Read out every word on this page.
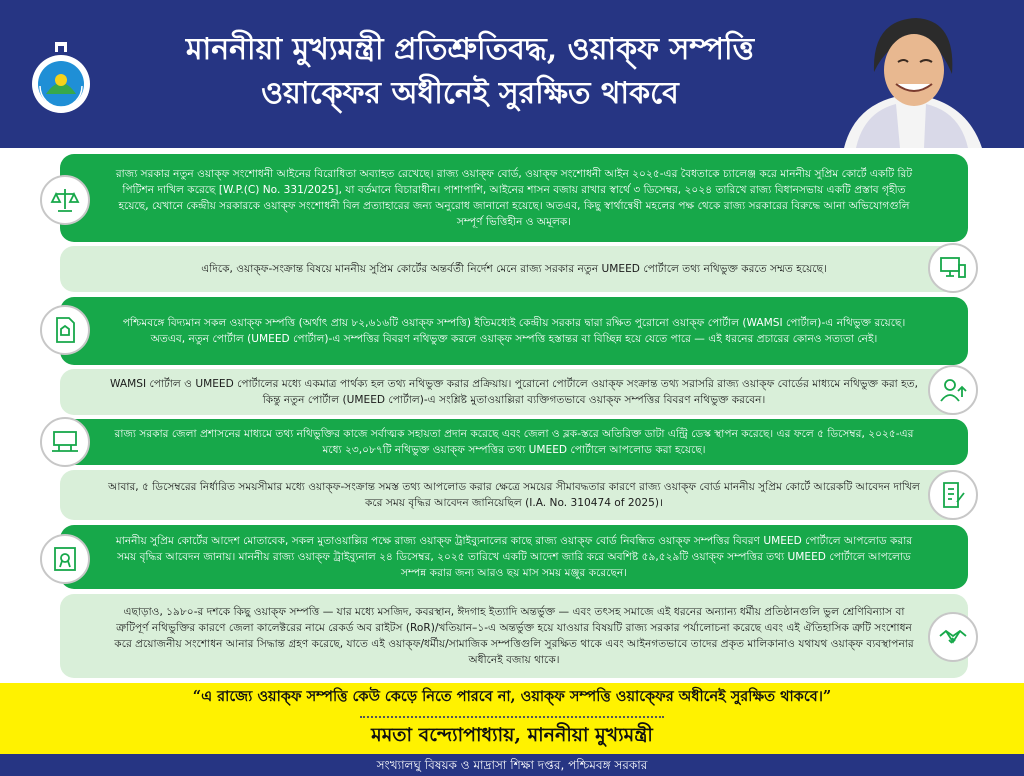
মাননীয়া মুখ্যমন্ত্রী প্রতিশ্রুতিবদ্ধ, ওয়াক্ফ সম্পত্তি
ওয়াক্ফের অধীনেই সুরক্ষিত থাকবে
রাজ্য সরকার নতুন ওয়াক্ফ সংশোধনী আইনের বিরোধিতা অব্যাহত রেখেছে। রাজ্য ওয়াক্ফ বোর্ড, ওয়াক্ফ সংশোধনী আইন ২০২৫-এর বৈধতাকে চ্যালেঞ্জ করে মাননীয় সুপ্রিম কোর্টে একটি রিট পিটিশন দাখিল করেছে [W.P.(C) No. 331/2025], যা বর্তমানে বিচারাধীন। পাশাপাশি, আইনের শাসন বজায় রাখার স্বার্থে ৩ ডিসেম্বর, ২০২৪ তারিখে রাজ্য বিধানসভায় একটি প্রস্তাব গৃহীত হয়েছে, যেখানে কেন্দ্রীয় সরকারকে ওয়াক্ফ সংশোধনী বিল প্রত্যাহারের জন্য অনুরোধ জানানো হয়েছে। অতএব, কিছু স্বার্থান্বেষী মহলের পক্ষ থেকে রাজ্য সরকারের বিরুদ্ধে আনা অভিযোগগুলি সম্পূর্ণ ভিত্তিহীন ও অমূলক।
এদিকে, ওয়াক্ফ-সংক্রান্ত বিষয়ে মাননীয় সুপ্রিম কোর্টের অন্তর্বর্তী নির্দেশ মেনে রাজ্য সরকার নতুন UMEED পোর্টালে তথ্য নথিভুক্ত করতে সম্মত হয়েছে।
পশ্চিমবঙ্গে বিদ্যমান সকল ওয়াক্ফ সম্পত্তি (অর্থাৎ প্রায় ৮২,৬১৬টি ওয়াক্ফ সম্পত্তি) ইতিমধ্যেই কেন্দ্রীয় সরকার দ্বারা রক্ষিত পুরোনো ওয়াক্ফ পোর্টাল (WAMSI পোর্টাল)-এ নথিভুক্ত রয়েছে। অতএব, নতুন পোর্টাল (UMEED পোর্টাল)-এ সম্পত্তির বিবরণ নথিভুক্ত করলে ওয়াক্ফ সম্পত্তি হস্তান্তর বা বিচ্ছিন্ন হয়ে যেতে পারে — এই ধরনের প্রচারের কোনও সত্যতা নেই।
WAMSI পোর্টাল ও UMEED পোর্টালের মধ্যে একমাত্র পার্থক্য হল তথ্য নথিভুক্ত করার প্রক্রিয়ায়। পুরোনো পোর্টালে ওয়াক্ফ সংক্রান্ত তথ্য সরাসরি রাজ্য ওয়াক্ফ বোর্ডের মাধ্যমে নথিভুক্ত করা হত, কিন্তু নতুন পোর্টাল (UMEED পোর্টাল)-এ সংশ্লিষ্ট মুতাওয়াল্লিরা ব্যক্তিগতভাবে ওয়াক্ফ সম্পত্তির বিবরণ নথিভুক্ত করবেন।
রাজ্য সরকার জেলা প্রশাসনের মাধ্যমে তথ্য নথিভুক্তির কাজে সর্বাত্মক সহায়তা প্রদান করেছে এবং জেলা ও ব্লক-স্তরে অতিরিক্ত ডাটা এন্ট্রি ডেস্ক স্থাপন করেছে। এর ফলে ৫ ডিসেম্বর, ২০২৫-এর মধ্যে ২৩,০৮৭টি নথিভুক্ত ওয়াক্ফ সম্পত্তির তথ্য UMEED পোর্টালে আপলোড করা হয়েছে।
আবার, ৫ ডিসেম্বরের নির্ধারিত সময়সীমার মধ্যে ওয়াক্ফ-সংক্রান্ত সমস্ত তথ্য আপলোড করার ক্ষেত্রে সময়ের সীমাবদ্ধতার কারণে রাজ্য ওয়াক্ফ বোর্ড মাননীয় সুপ্রিম কোর্টে আরেকটি আবেদন দাখিল করে সময় বৃদ্ধির আবেদন জানিয়েছিল (I.A. No. 310474 of 2025)।
মাননীয় সুপ্রিম কোর্টের আদেশ মোতাবেক, সকল মুতাওয়াল্লির পক্ষে রাজ্য ওয়াক্ফ ট্রাইব্যুনালের কাছে রাজ্য ওয়াক্ফ বোর্ড নিবন্ধিত ওয়াক্ফ সম্পত্তির বিবরণ UMEED পোর্টালে আপলোড করার সময় বৃদ্ধির আবেদন জানায়। মাননীয় রাজ্য ওয়াক্ফ ট্রাইব্যুনাল ২৪ ডিসেম্বর, ২০২৫ তারিখে একটি আদেশ জারি করে অবশিষ্ট ৫৯,৫২৯টি ওয়াক্ফ সম্পত্তির তথ্য UMEED পোর্টালে আপলোড সম্পন্ন করার জন্য আরও ছয় মাস সময় মঞ্জুর করেছেন।
এছাড়াও, ১৯৮০-র দশকে কিছু ওয়াক্ফ সম্পত্তি — যার মধ্যে মসজিদ, কবরস্থান, ঈদগাহ ইত্যাদি অন্তর্ভুক্ত — এবং তৎসহ সমাজে এই ধরনের অন্যান্য ধর্মীয় প্রতিষ্ঠানগুলি ভুল শ্রেণিবিন্যাস বা ত্রুটিপূর্ণ নথিভুক্তির কারণে জেলা কালেক্টরের নামে রেকর্ড অব রাইটস (RoR)/খতিয়ান–১-এ অন্তর্ভুক্ত হয়ে যাওয়ার বিষয়টি রাজ্য সরকার পর্যালোচনা করেছে এবং এই ঐতিহাসিক ত্রুটি সংশোধন করে প্রয়োজনীয় সংশোধন আনার সিদ্ধান্ত গ্রহণ করেছে, যাতে এই ওয়াক্ফ/ধর্মীয়/সামাজিক সম্পত্তিগুলি সুরক্ষিত থাকে এবং আইনগতভাবে তাদের প্রকৃত মালিকানাও যথাযথ ওয়াক্ফ ব্যবস্থাপনার অধীনেই বজায় থাকে।
“এ রাজ্যে ওয়াক্ফ সম্পত্তি কেউ কেড়ে নিতে পারবে না, ওয়াক্ফ সম্পত্তি ওয়াক্ফের অধীনেই সুরক্ষিত থাকবে।”
মমতা বন্দ্যোপাধ্যায়, মাননীয়া মুখ্যমন্ত্রী
সংখ্যালঘু বিষয়ক ও মাদ্রাসা শিক্ষা দপ্তর, পশ্চিমবঙ্গ সরকার
